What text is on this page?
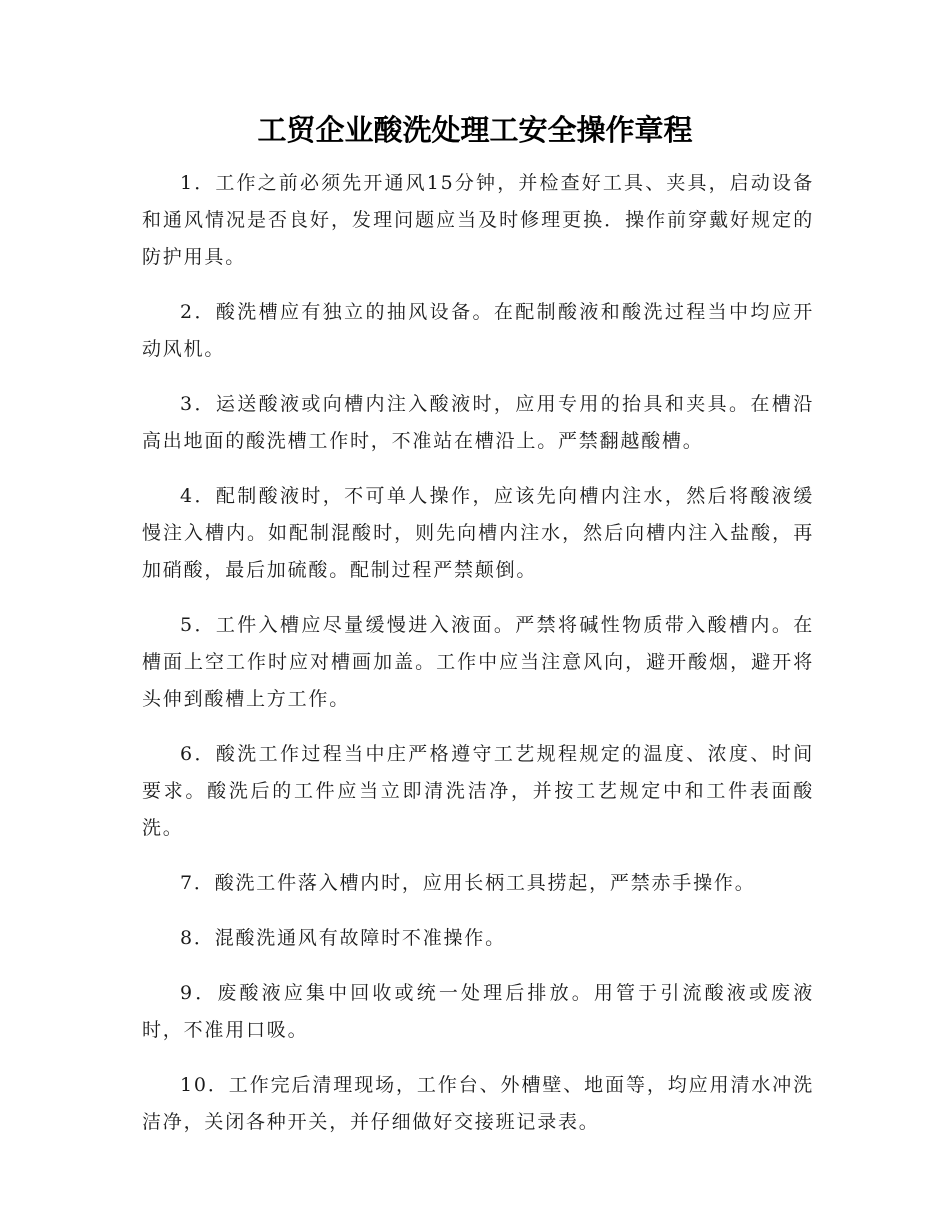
工贸企业酸洗处理工安全操作章程

1．工作之前必须先开通风15分钟，并检查好工具、夹具，启动设备和通风情况是否良好，发理问题应当及时修理更换．操作前穿戴好规定的防护用具。

2．酸洗槽应有独立的抽风设备。在配制酸液和酸洗过程当中均应开动风机。

3．运送酸液或向槽内注入酸液时，应用专用的抬具和夹具。在槽沿高出地面的酸洗槽工作时，不准站在槽沿上。严禁翻越酸槽。

4．配制酸液时，不可单人操作，应该先向槽内注水，然后将酸液缓慢注入槽内。如配制混酸时，则先向槽内注水，然后向槽内注入盐酸，再加硝酸，最后加硫酸。配制过程严禁颠倒。

5．工件入槽应尽量缓慢进入液面。严禁将碱性物质带入酸槽内。在槽面上空工作时应对槽画加盖。工作中应当注意风向，避开酸烟，避开将头伸到酸槽上方工作。

6．酸洗工作过程当中庄严格遵守工艺规程规定的温度、浓度、时间要求。酸洗后的工件应当立即清洗洁净，并按工艺规定中和工件表面酸洗。

7．酸洗工件落入槽内时，应用长柄工具捞起，严禁赤手操作。

8．混酸洗通风有故障时不准操作。

9．废酸液应集中回收或统一处理后排放。用管于引流酸液或废液时，不准用口吸。

10．工作完后清理现场，工作台、外槽壁、地面等，均应用清水冲洗洁净，关闭各种开关，并仔细做好交接班记录表。
